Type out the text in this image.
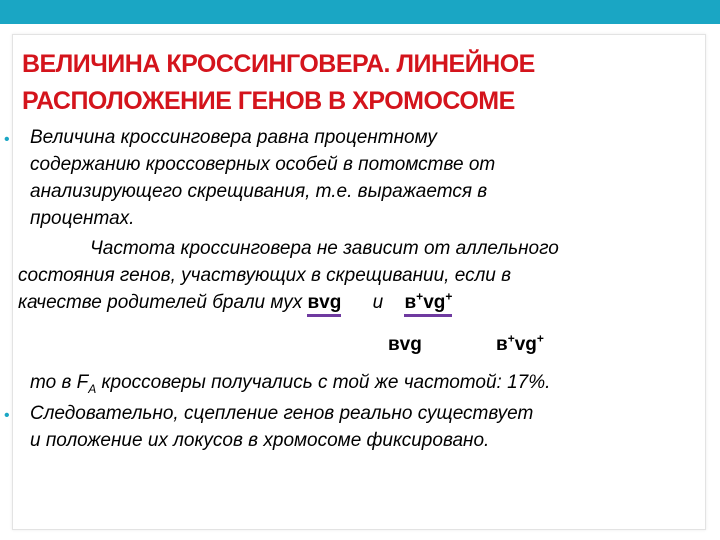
ВЕЛИЧИНА КРОССИНГОВЕРА. ЛИНЕЙНОЕ
РАСПОЛОЖЕНИЕ ГЕНОВ В ХРОМОСОМЕ
• Величина кроссинговера равна процентному
содержанию кроссоверных особей в потомстве от
анализирующего скрещивания, т.е. выражается в
процентах.
Частота кроссинговера не зависит от аллельного
состояния генов, участвующих в скрещивании, если в
качестве родителей брали мух вvg и в+vg+
вvg	в+vg+
то в $F_A$ кроссоверы получались с той же частотой: 17%.
• Следовательно, сцепление генов реально существует
и положение их локусов в хромосоме фиксировано.
